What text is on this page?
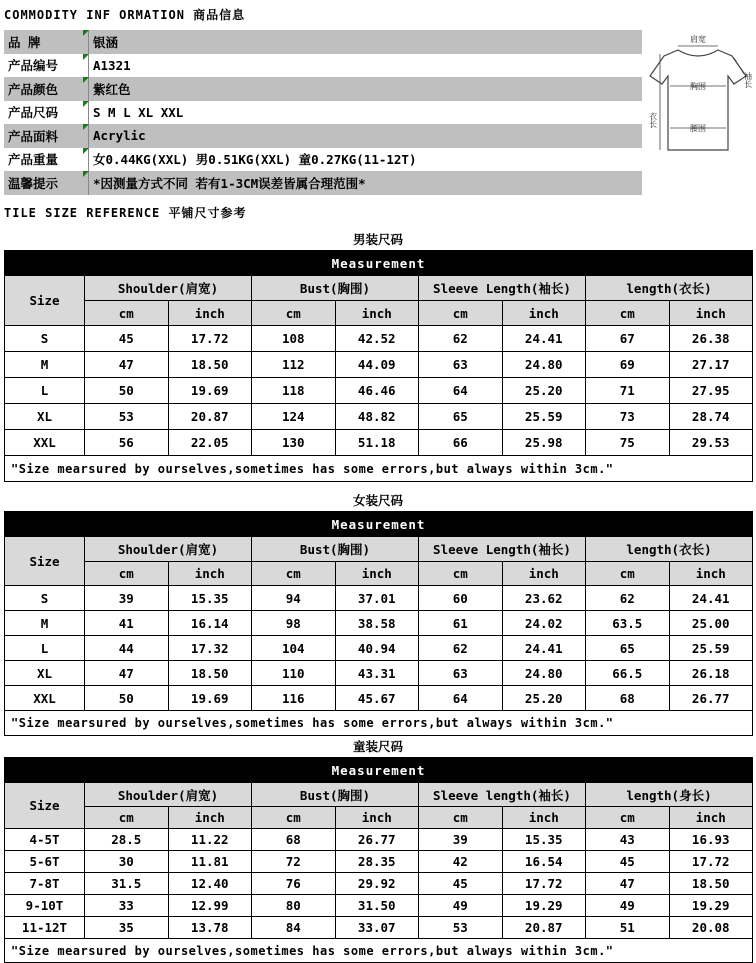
COMMODITY INF ORMATION 商品信息
品 牌	银涵
产品编号	A1321
产品颜色	紫红色
产品尺码	S M L XL XXL
产品面料	Acrylic
产品重量	女0.44KG(XXL) 男0.51KG(XXL) 童0.27KG(11-12T)
温馨提示	*因测量方式不同 若有1-3CM误差皆属合理范围*
肩宽
胸围
腰围
袖长
衣长
TILE SIZE REFERENCE 平铺尺寸参考
男装尺码
Measurement								
Size	Shoulder(肩宽)		Bust(胸围)		Sleeve Length(袖长)		length(衣长)	
	cm	inch	cm	inch	cm	inch	cm	inch
S	45	17.72	108	42.52	62	24.41	67	26.38
M	47	18.50	112	44.09	63	24.80	69	27.17
L	50	19.69	118	46.46	64	25.20	71	27.95
XL	53	20.87	124	48.82	65	25.59	73	28.74
XXL	56	22.05	130	51.18	66	25.98	75	29.53
"Size mearsured by ourselves,sometimes has some errors,but always within 3cm."								
女装尺码
Measurement								
Size	Shoulder(肩宽)		Bust(胸围)		Sleeve Length(袖长)		length(衣长)	
	cm	inch	cm	inch	cm	inch	cm	inch
S	39	15.35	94	37.01	60	23.62	62	24.41
M	41	16.14	98	38.58	61	24.02	63.5	25.00
L	44	17.32	104	40.94	62	24.41	65	25.59
XL	47	18.50	110	43.31	63	24.80	66.5	26.18
XXL	50	19.69	116	45.67	64	25.20	68	26.77
"Size mearsured by ourselves,sometimes has some errors,but always within 3cm."								
童装尺码
Measurement								
Size	Shoulder(肩宽)		Bust(胸围)		Sleeve length(袖长)		length(身长)	
	cm	inch	cm	inch	cm	inch	cm	inch
4-5T	28.5	11.22	68	26.77	39	15.35	43	16.93
5-6T	30	11.81	72	28.35	42	16.54	45	17.72
7-8T	31.5	12.40	76	29.92	45	17.72	47	18.50
9-10T	33	12.99	80	31.50	49	19.29	49	19.29
11-12T	35	13.78	84	33.07	53	20.87	51	20.08
"Size mearsured by ourselves,sometimes has some errors,but always within 3cm."								
